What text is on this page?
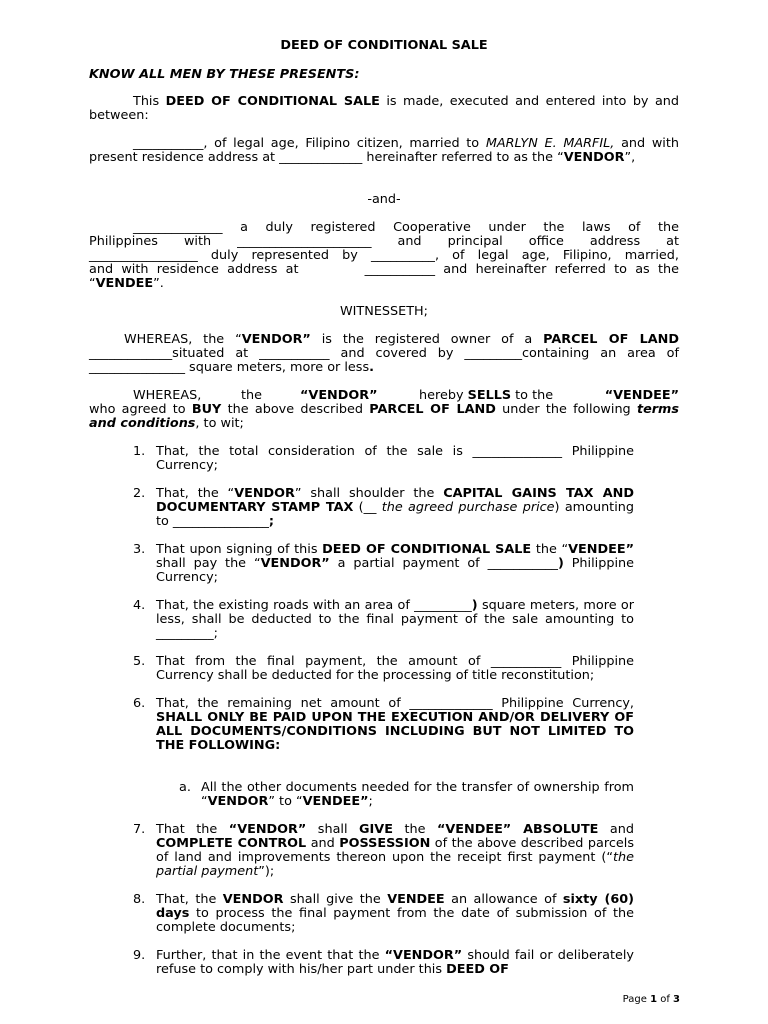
DEED OF CONDITIONAL SALE
KNOW ALL MEN BY THESE PRESENTS:
This DEED OF CONDITIONAL SALE is made, executed and entered into by and between:
___________, of legal age, Filipino citizen, married to MARLYN E. MARFIL, and with present residence address at _____________ hereinafter referred to as the “VENDOR”,
-and-
______________ a duly registered Cooperative under the laws of the
Philippines with _____________________ and principal office address at
_________________ duly represented by __________, of legal age, Filipino, married,
and with residence address at        ___________ and hereinafter referred to as the
“VENDEE”.
WITNESSETH;
WHEREAS, the “VENDOR” is the registered owner of a PARCEL OF LAND _____________situated at ___________ and covered by _________containing an area of _______________ square meters, more or less.
WHEREAS,	the	“VENDOR”	hereby SELLS to the	“VENDEE”
who agreed to BUY the above described PARCEL OF LAND under the following terms and conditions, to wit;
1. That, the total consideration of the sale is ______________ Philippine Currency;
2. That, the “VENDOR” shall shoulder the CAPITAL GAINS TAX AND DOCUMENTARY STAMP TAX (__ the agreed purchase price) amounting to _______________;
3. That upon signing of this DEED OF CONDITIONAL SALE the “VENDEE” shall pay the “VENDOR” a partial payment of ___________) Philippine Currency;
4. That, the existing roads with an area of _________) square meters, more or less, shall be deducted to the final payment of the sale amounting to _________;
5. That from the final payment, the amount of ___________ Philippine Currency shall be deducted for the processing of title reconstitution;
6. That, the remaining net amount of _____________ Philippine Currency, SHALL ONLY BE PAID UPON THE EXECUTION AND/OR DELIVERY OF ALL DOCUMENTS/CONDITIONS INCLUDING BUT NOT LIMITED TO THE FOLLOWING:
a. All the other documents needed for the transfer of ownership from “VENDOR” to “VENDEE”;
7. That the “VENDOR” shall GIVE the “VENDEE” ABSOLUTE and COMPLETE CONTROL and POSSESSION of the above described parcels of land and improvements thereon upon the receipt first payment (“the partial payment”);
8. That, the VENDOR shall give the VENDEE an allowance of sixty (60) days to process the final payment from the date of submission of the complete documents;
9. Further, that in the event that the “VENDOR” should fail or deliberately refuse to comply with his/her part under this DEED OF
Page 1 of 3
